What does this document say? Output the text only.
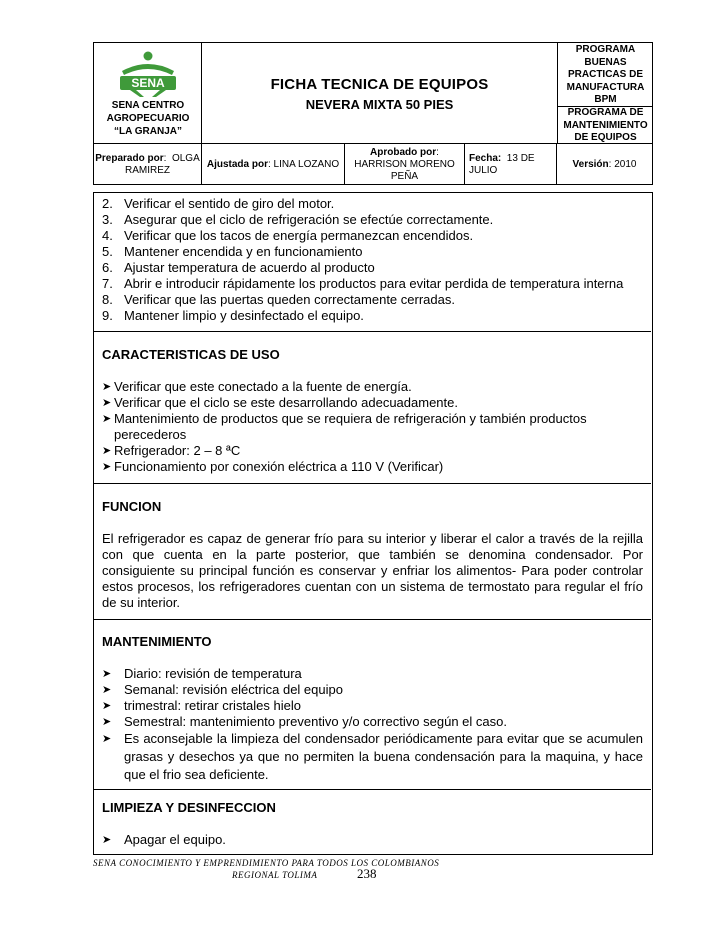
SENA
SENA CENTRO
AGROPECUARIO
“LA GRANJA”
FICHA TECNICA DE EQUIPOS
NEVERA MIXTA 50 PIES
PROGRAMA
BUENAS
PRACTICAS DE
MANUFACTURA
BPM
PROGRAMA DE
MANTENIMIENTO
DE EQUIPOS
Preparado por:  OLGA
RAMIREZ
Ajustada por: LINA LOZANO
Aprobado por:
HARRISON MORENO
PEÑA
Fecha: 13 DE
JULIO
Versión: 2010
2. Verificar el sentido de giro del motor.
3. Asegurar que el ciclo de refrigeración se efectúe correctamente.
4. Verificar que los tacos de energía permanezcan encendidos.
5. Mantener encendida y en funcionamiento
6. Ajustar temperatura de acuerdo al producto
7. Abrir e introducir rápidamente los productos para evitar perdida de temperatura interna
8. Verificar que las puertas queden correctamente cerradas.
9. Mantener limpio y desinfectado el equipo.
CARACTERISTICAS DE USO
➤ Verificar que este conectado a la fuente de energía.
➤ Verificar que el ciclo se este desarrollando adecuadamente.
➤ Mantenimiento de productos que se requiera de refrigeración y también productos perecederos
➤ Refrigerador: 2 – 8 ªC
➤ Funcionamiento por conexión eléctrica a 110 V (Verificar)
FUNCION
El refrigerador es capaz de generar frío para su interior y liberar el calor a través de la rejilla con que cuenta en la parte posterior, que también se denomina condensador. Por consiguiente su principal función es conservar y enfriar los alimentos- Para poder controlar estos procesos, los refrigeradores cuentan con un sistema de termostato para regular el frío de su interior.
MANTENIMIENTO
➤ Diario: revisión de temperatura
➤ Semanal: revisión eléctrica del equipo
➤ trimestral: retirar cristales hielo
➤ Semestral: mantenimiento preventivo y/o correctivo según el caso.
➤ Es aconsejable la limpieza del condensador periódicamente para evitar que se acumulen grasas y desechos ya que no permiten la buena condensación para la maquina, y hace que el frio sea deficiente.
LIMPIEZA Y DESINFECCION
➤ Apagar el equipo.
SENA CONOCIMIENTO Y EMPRENDIMIENTO PARA TODOS LOS COLOMBIANOS
REGIONAL TOLIMA	238
